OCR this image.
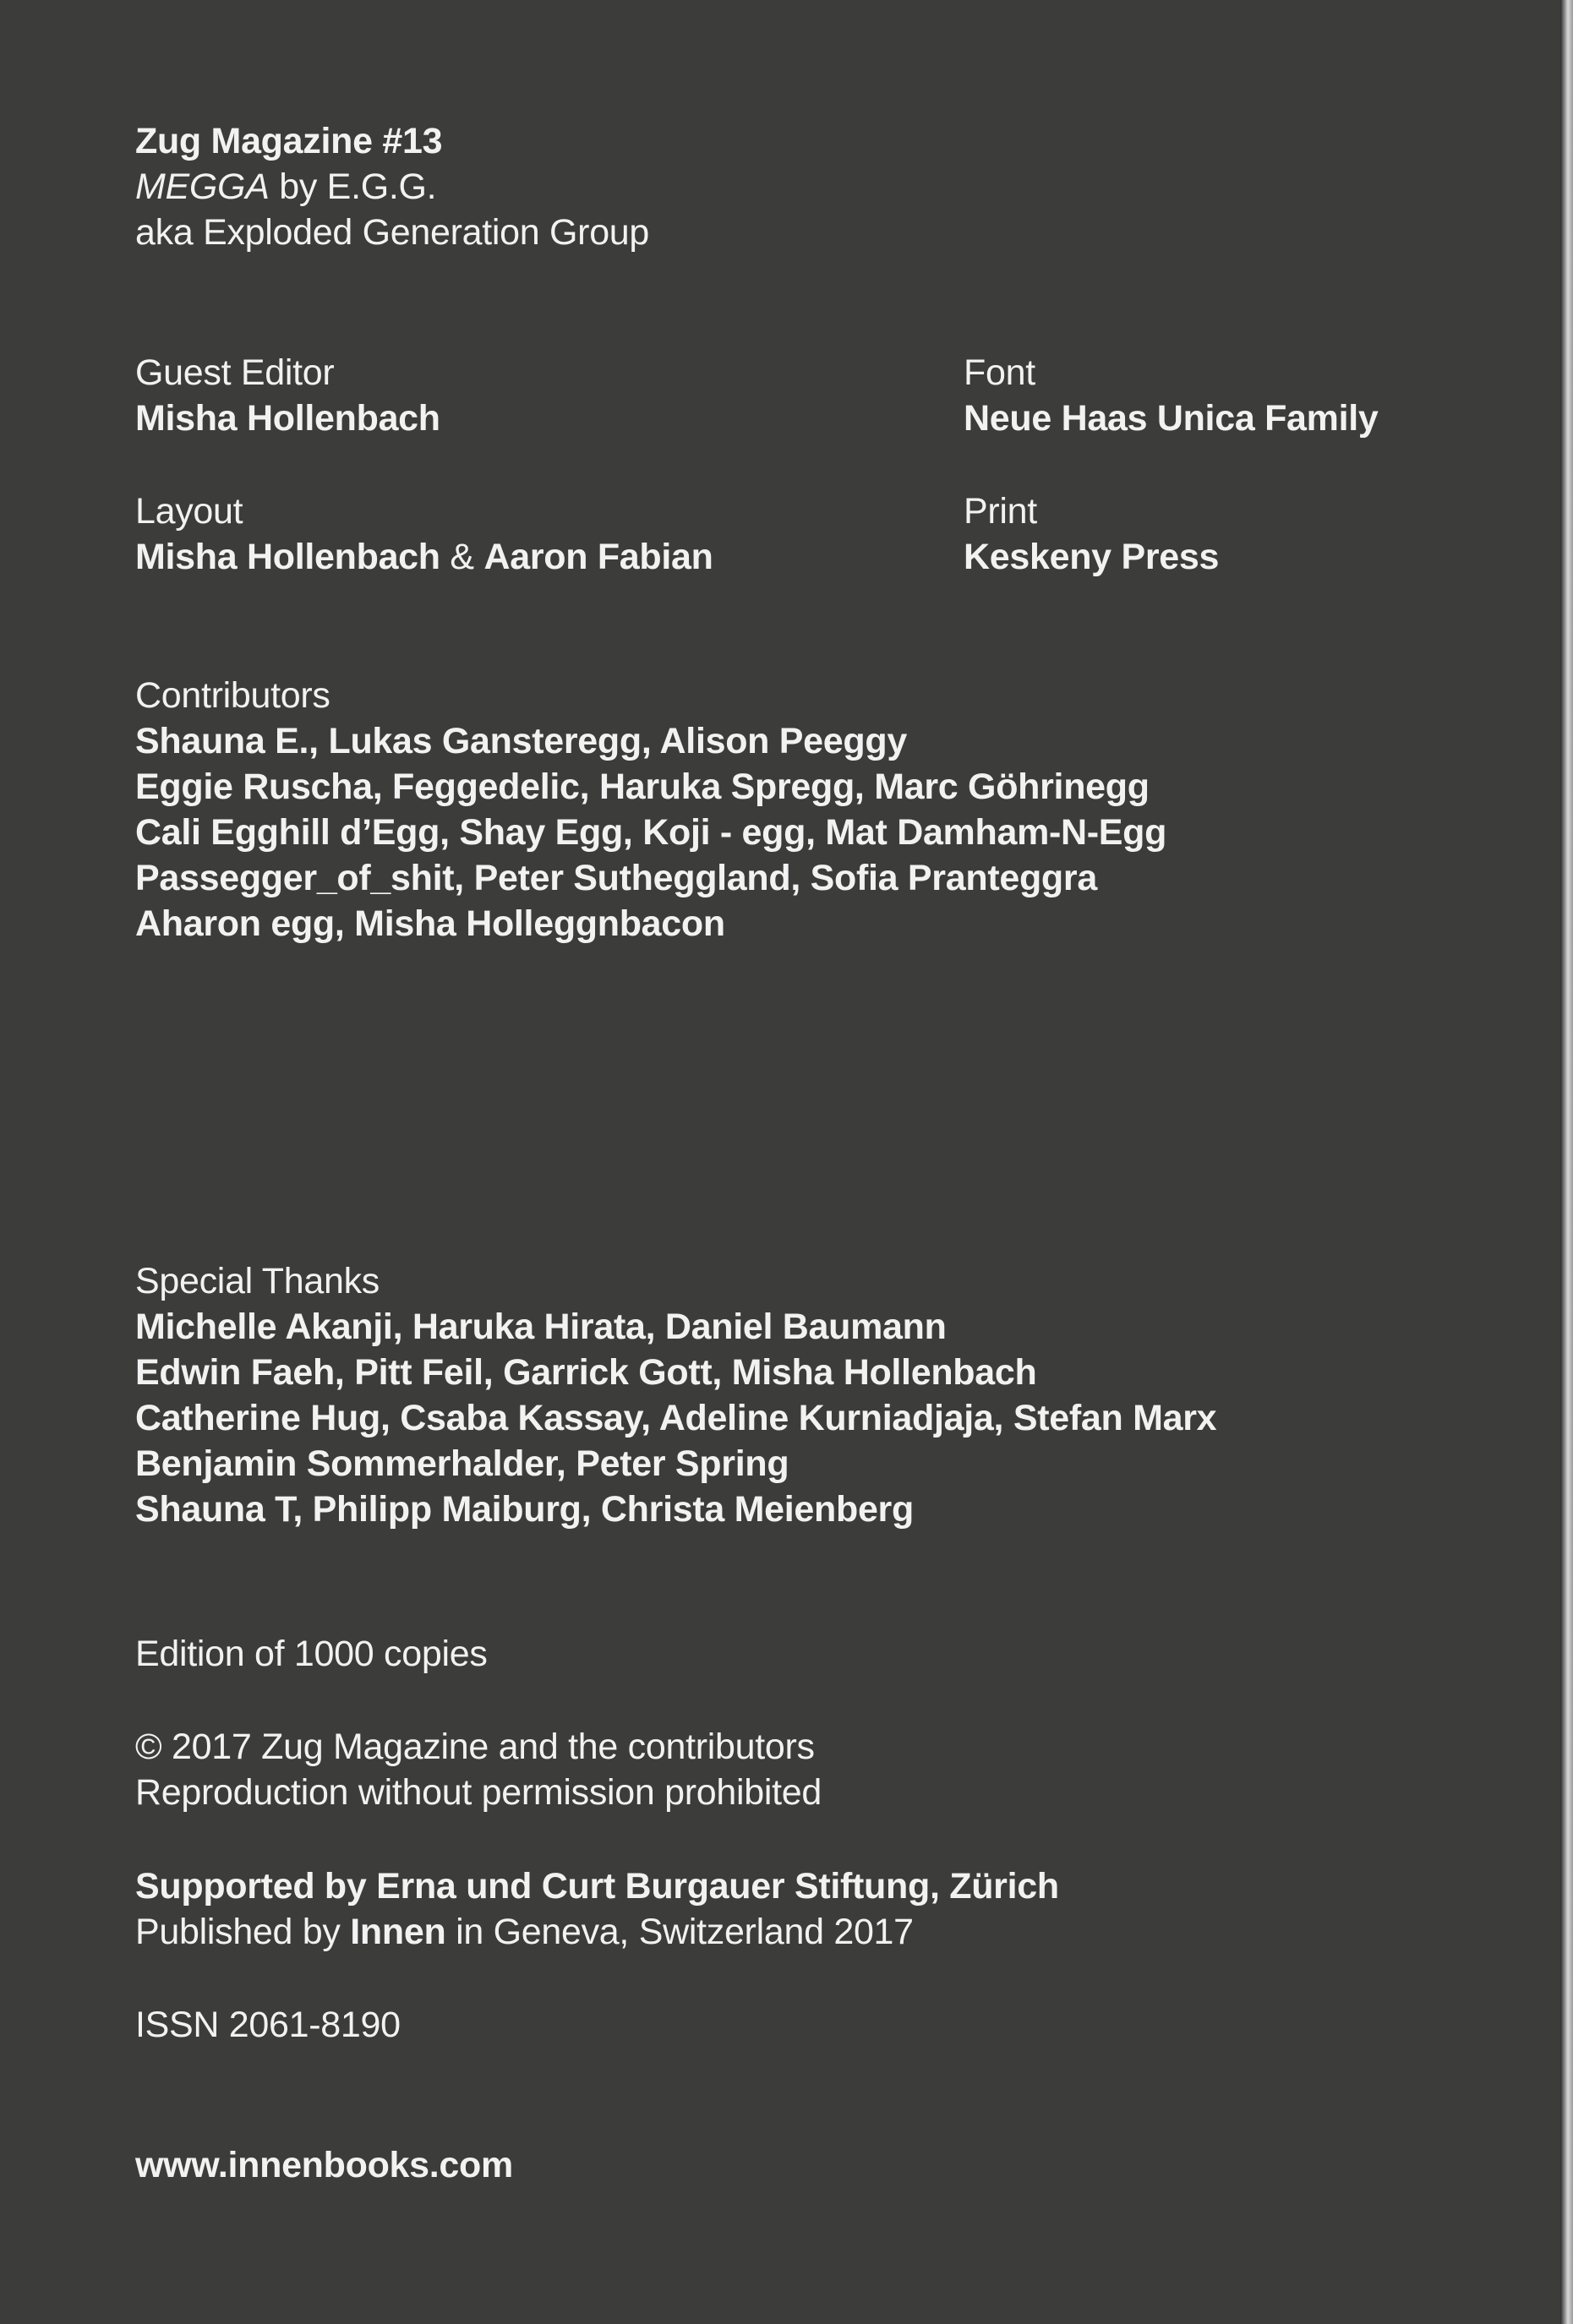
Zug Magazine #13
MEGGA by E.G.G.
aka Exploded Generation Group
Guest Editor
Misha Hollenbach
Font
Neue Haas Unica Family
Layout
Misha Hollenbach & Aaron Fabian
Print
Keskeny Press
Contributors
Shauna E., Lukas Gansteregg, Alison Peeggy
Eggie Ruscha, Feggedelic, Haruka Spregg, Marc Göhrinegg
Cali Egghill d’Egg, Shay Egg, Koji - egg, Mat Damham-N-Egg
Passegger_of_shit, Peter Sutheggland, Sofia Pranteggra
Aharon egg, Misha Holleggnbacon
Special Thanks
Michelle Akanji, Haruka Hirata, Daniel Baumann
Edwin Faeh, Pitt Feil, Garrick Gott, Misha Hollenbach
Catherine Hug, Csaba Kassay, Adeline Kurniadjaja, Stefan Marx
Benjamin Sommerhalder, Peter Spring
Shauna T, Philipp Maiburg, Christa Meienberg
Edition of 1000 copies
© 2017 Zug Magazine and the contributors
Reproduction without permission prohibited
Supported by Erna und Curt Burgauer Stiftung, Zürich
Published by Innen in Geneva, Switzerland 2017
ISSN 2061-8190
www.innenbooks.com
